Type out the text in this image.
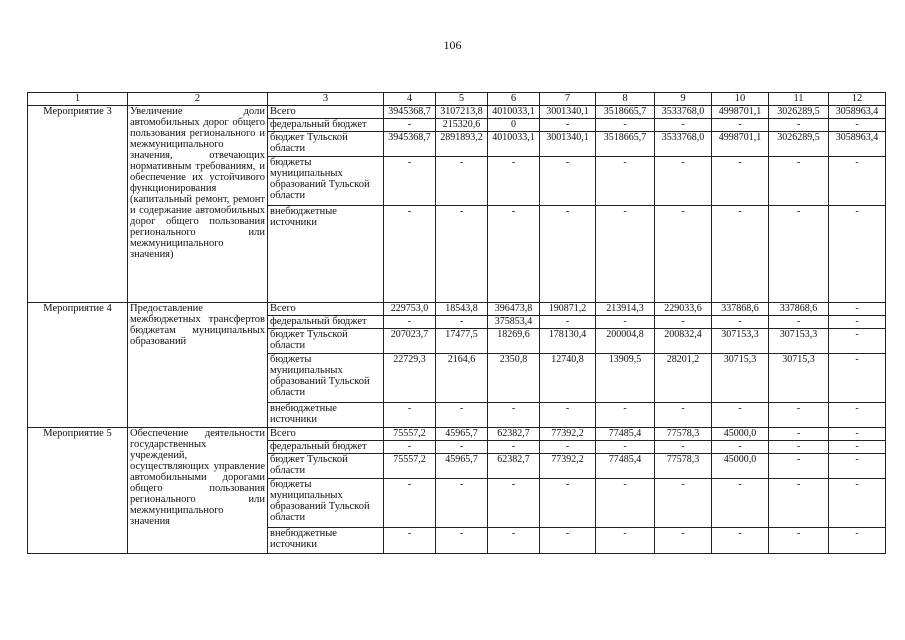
106
1	2	3	4	5	6	7	8	9	10	11	12
Мероприятие 3	Увеличение доли автомобильных дорог общего пользования регионального и межмуниципального значения, отвечающих нормативным требованиям, и обеспечение их устойчивого функционирования (капитальный ремонт, ремонт и содержание автомобильных дорог общего пользования регионального или межмуниципального значения)	Всего	3945368,7	3107213,8	4010033,1	3001340,1	3518665,7	3533768,0	4998701,1	3026289,5	3058963,4
		федеральный бюджет	-	215320,6	0	-	-	-	-	-	-
		бюджет Тульской области	3945368,7	2891893,2	4010033,1	3001340,1	3518665,7	3533768,0	4998701,1	3026289,5	3058963,4
		бюджеты муниципальных образований Тульской области	-	-	-	-	-	-	-	-	-
		внебюджетные источники	-	-	-	-	-	-	-	-	-
Мероприятие 4	Предоставление межбюджетных трансфертов бюджетам муниципальных образований	Всего	229753,0	18543,8	396473,8	190871,2	213914,3	229033,6	337868,6	337868,6	-
		федеральный бюджет	-	-	375853,4	-	-	-	-	-	-
		бюджет Тульской области	207023,7	17477,5	18269,6	178130,4	200004,8	200832,4	307153,3	307153,3	-
		бюджеты муниципальных образований Тульской области	22729,3	2164,6	2350,8	12740,8	13909,5	28201,2	30715,3	30715,3	-
		внебюджетные источники	-	-	-	-	-	-	-	-	-
Мероприятие 5	Обеспечение деятельности государственных учреждений, осуществляющих управление автомобильными дорогами общего пользования регионального или межмуниципального значения	Всего	75557,2	45965,7	62382,7	77392,2	77485,4	77578,3	45000,0	-	-
		федеральный бюджет	-	-	-	-	-	-	-	-	-
		бюджет Тульской области	75557,2	45965,7	62382,7	77392,2	77485,4	77578,3	45000,0	-	-
		бюджеты муниципальных образований Тульской области	-	-	-	-	-	-	-	-	-
		внебюджетные источники	-	-	-	-	-	-	-	-	-
